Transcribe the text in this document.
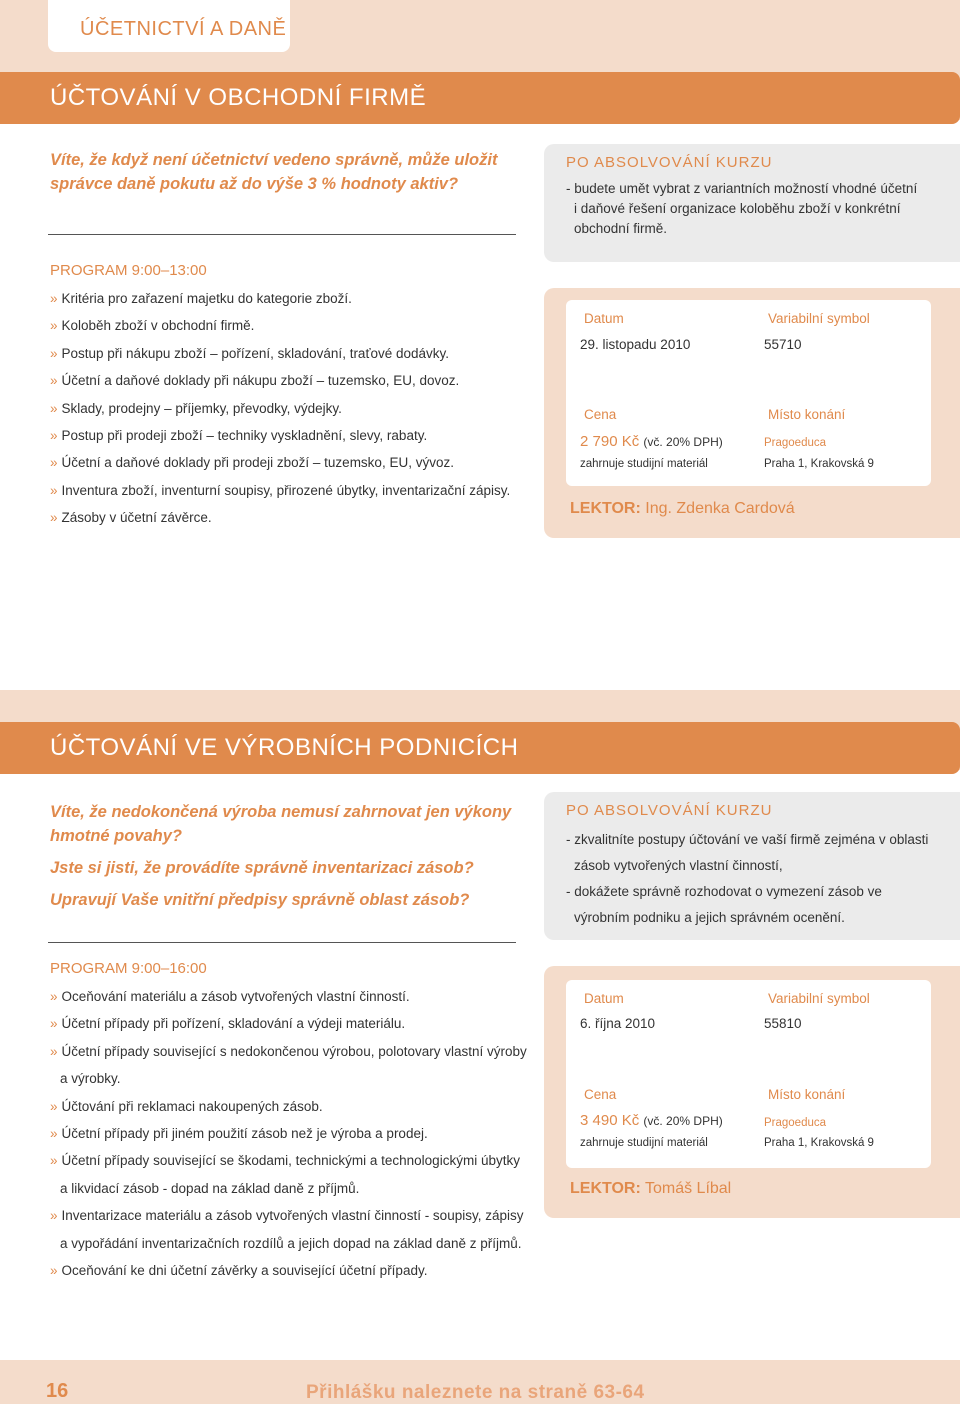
ÚČETNICTVÍ A DANĚ
ÚČTOVÁNÍ V OBCHODNÍ FIRMĚ
Víte, že když není účetnictví vedeno správně, může uložit
správce daně pokutu až do výše 3 % hodnoty aktiv?
PROGRAM 9:00–13:00
» Kritéria pro zařazení majetku do kategorie zboží.
» Koloběh zboží v obchodní firmě.
» Postup při nákupu zboží – pořízení, skladování, traťové dodávky.
» Účetní a daňové doklady při nákupu zboží – tuzemsko, EU, dovoz.
» Sklady, prodejny – příjemky, převodky, výdejky.
» Postup při prodeji zboží – techniky vyskladnění, slevy, rabaty.
» Účetní a daňové doklady při prodeji zboží – tuzemsko, EU, vývoz.
» Inventura zboží, inventurní soupisy, přirozené úbytky, inventarizační zápisy.
» Zásoby v účetní závěrce.
PO ABSOLVOVÁNÍ KURZU

- budete umět vybrat z variantních možností vhodné účetní
i daňové řešení organizace koloběhu zboží v konkrétní
obchodní firmě.

Datum
29. listopadu 2010
Variabilní symbol
55710
Cena
2 790 Kč (vč. 20% DPH)
zahrnuje studijní materiál
Místo konání
Pragoeduca
Praha 1, Krakovská 9
LEKTOR: Ing. Zdenka Cardová
ÚČTOVÁNÍ VE VÝROBNÍCH PODNICÍCH
Víte, že nedokončená výroba nemusí zahrnovat jen výkony
hmotné povahy?
Jste si jisti, že provádíte správně inventarizaci zásob?
Upravují Vaše vnitřní předpisy správně oblast zásob?
PROGRAM 9:00–16:00
» Oceňování materiálu a zásob vytvořených vlastní činností.
» Účetní případy při pořízení, skladování a výdeji materiálu.
» Účetní případy související s nedokončenou výrobou, polotovary vlastní výroby
a výrobky.
» Účtování při reklamaci nakoupených zásob.
» Účetní případy při jiném použití zásob než je výroba a prodej.
» Účetní případy související se škodami, technickými a technologickými úbytky
a likvidací zásob - dopad na základ daně z příjmů.
» Inventarizace materiálu a zásob vytvořených vlastní činností - soupisy, zápisy
a vypořádání inventarizačních rozdílů a jejich dopad na základ daně z příjmů.
» Oceňování ke dni účetní závěrky a související účetní případy.
PO ABSOLVOVÁNÍ KURZU

- zkvalitníte postupy účtování ve vaší firmě zejména v oblasti
zásob vytvořených vlastní činností,
- dokážete správně rozhodovat o vymezení zásob ve
výrobním podniku a jejich správném ocenění.

Datum
6. října 2010
Variabilní symbol
55810
Cena
3 490 Kč (vč. 20% DPH)
zahrnuje studijní materiál
Místo konání
Pragoeduca
Praha 1, Krakovská 9
LEKTOR: Tomáš Líbal
16	Přihlášku naleznete na straně 63-64
